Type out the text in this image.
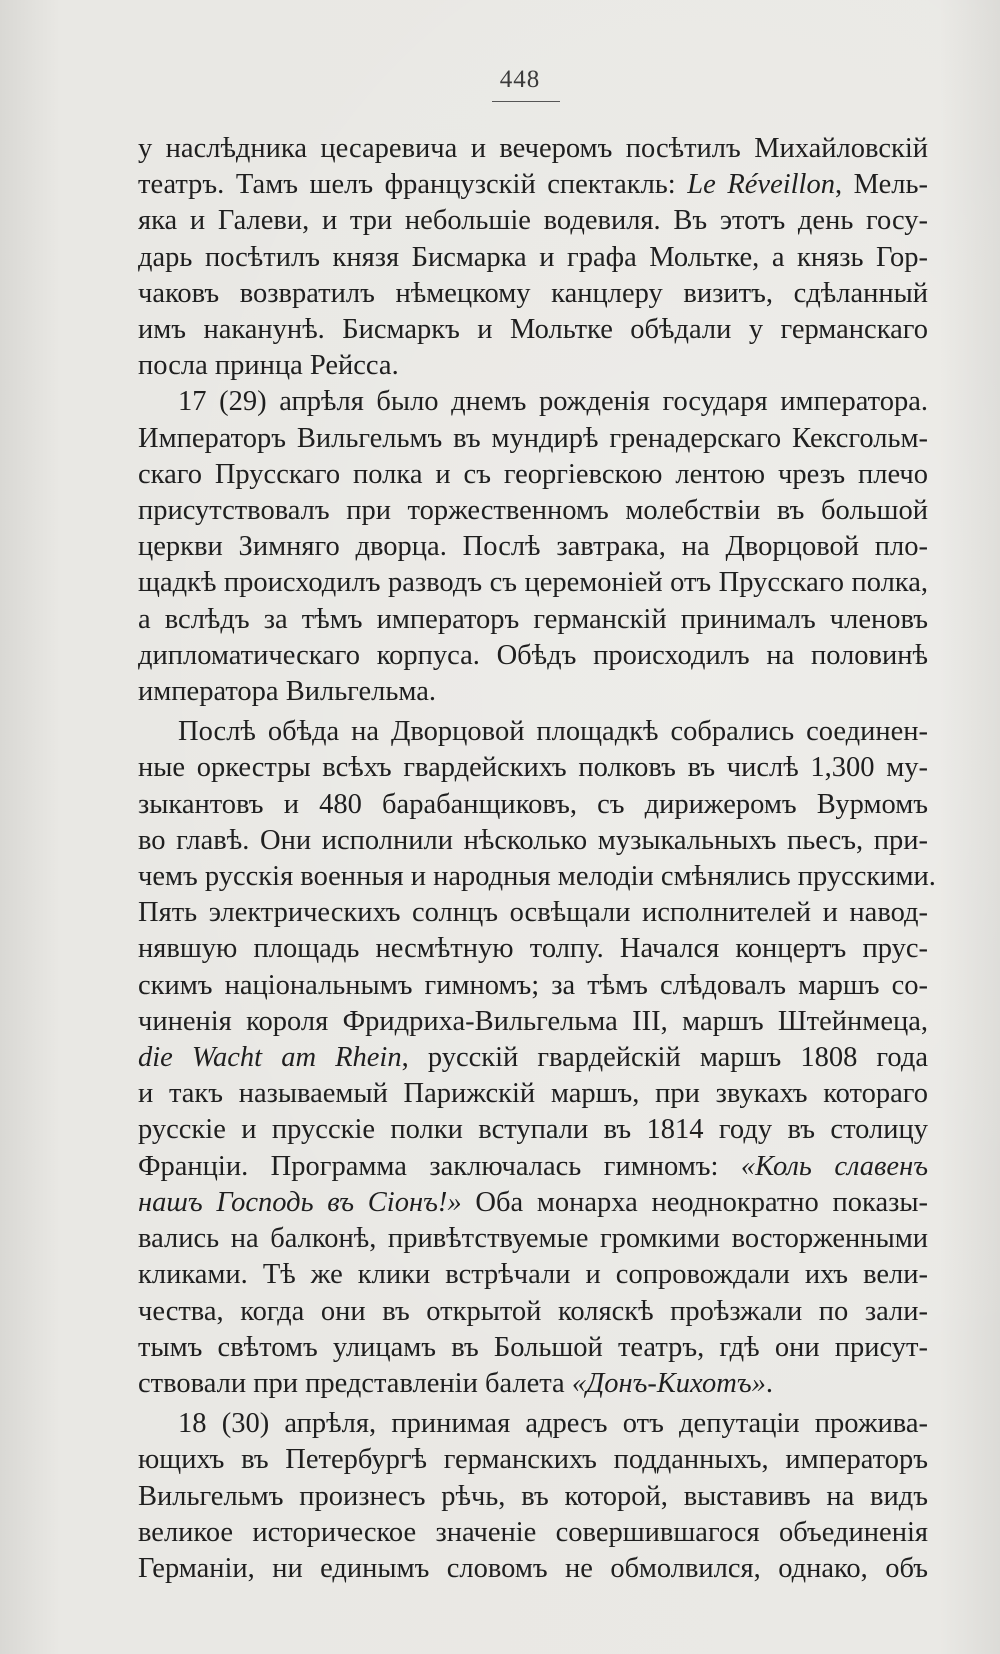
448

у наслѣдника цесаревича и вечеромъ посѣтилъ Михайловскій
театръ. Тамъ шелъ французскій спектакль: Le Réveillon, Мель-
яка и Галеви, и три небольшіе водевиля. Въ этотъ день госу-
дарь посѣтилъ князя Бисмарка и графа Мольтке, а князь Гор-
чаковъ возвратилъ нѣмецкому канцлеру визитъ, сдѣланный
имъ наканунѣ. Бисмаркъ и Мольтке обѣдали у германскаго
посла принца Рейсса.

17 (29) апрѣля было днемъ рожденія государя императора.
Императоръ Вильгельмъ въ мундирѣ гренадерскаго Кексгольм-
скаго Прусскаго полка и съ георгіевскою лентою чрезъ плечо
присутствовалъ при торжественномъ молебствіи въ большой
церкви Зимняго дворца. Послѣ завтрака, на Дворцовой пло-
щадкѣ происходилъ разводъ съ церемоніей отъ Прусскаго полка,
а вслѣдъ за тѣмъ императоръ германскій принималъ членовъ
дипломатическаго корпуса. Обѣдъ происходилъ на половинѣ
императора Вильгельма.

Послѣ обѣда на Дворцовой площадкѣ собрались соединен-
ные оркестры всѣхъ гвардейскихъ полковъ въ числѣ 1,300 му-
зыкантовъ и 480 барабанщиковъ, съ дирижеромъ Вурмомъ
во главѣ. Они исполнили нѣсколько музыкальныхъ пьесъ, при-
чемъ русскія военныя и народныя мелодіи смѣнялись прусскими.
Пять электрическихъ солнцъ освѣщали исполнителей и навод-
нявшую площадь несмѣтную толпу. Начался концертъ прус-
скимъ національнымъ гимномъ; за тѣмъ слѣдовалъ маршъ со-
чиненія короля Фридриха-Вильгельма III, маршъ Штейнмеца,
die Wacht am Rhein, русскій гвардейскій маршъ 1808 года
и такъ называемый Парижскій маршъ, при звукахъ котораго
русскіе и прусскіе полки вступали въ 1814 году въ столицу
Франціи. Программа заключалась гимномъ: «Коль славенъ
нашъ Господь въ Сіонъ!» Оба монарха неоднократно показы-
вались на балконѣ, привѣтствуемые громкими восторженными
кликами. Тѣ же клики встрѣчали и сопровождали ихъ вели-
чества, когда они въ открытой коляскѣ проѣзжали по зали-
тымъ свѣтомъ улицамъ въ Большой театръ, гдѣ они присут-
ствовали при представленіи балета «Донъ-Кихотъ».

18 (30) апрѣля, принимая адресъ отъ депутаціи прожива-
ющихъ въ Петербургѣ германскихъ подданныхъ, императоръ
Вильгельмъ произнесъ рѣчь, въ которой, выставивъ на видъ
великое историческое значеніе совершившагося объединенія
Германіи, ни единымъ словомъ не обмолвился, однако, объ
